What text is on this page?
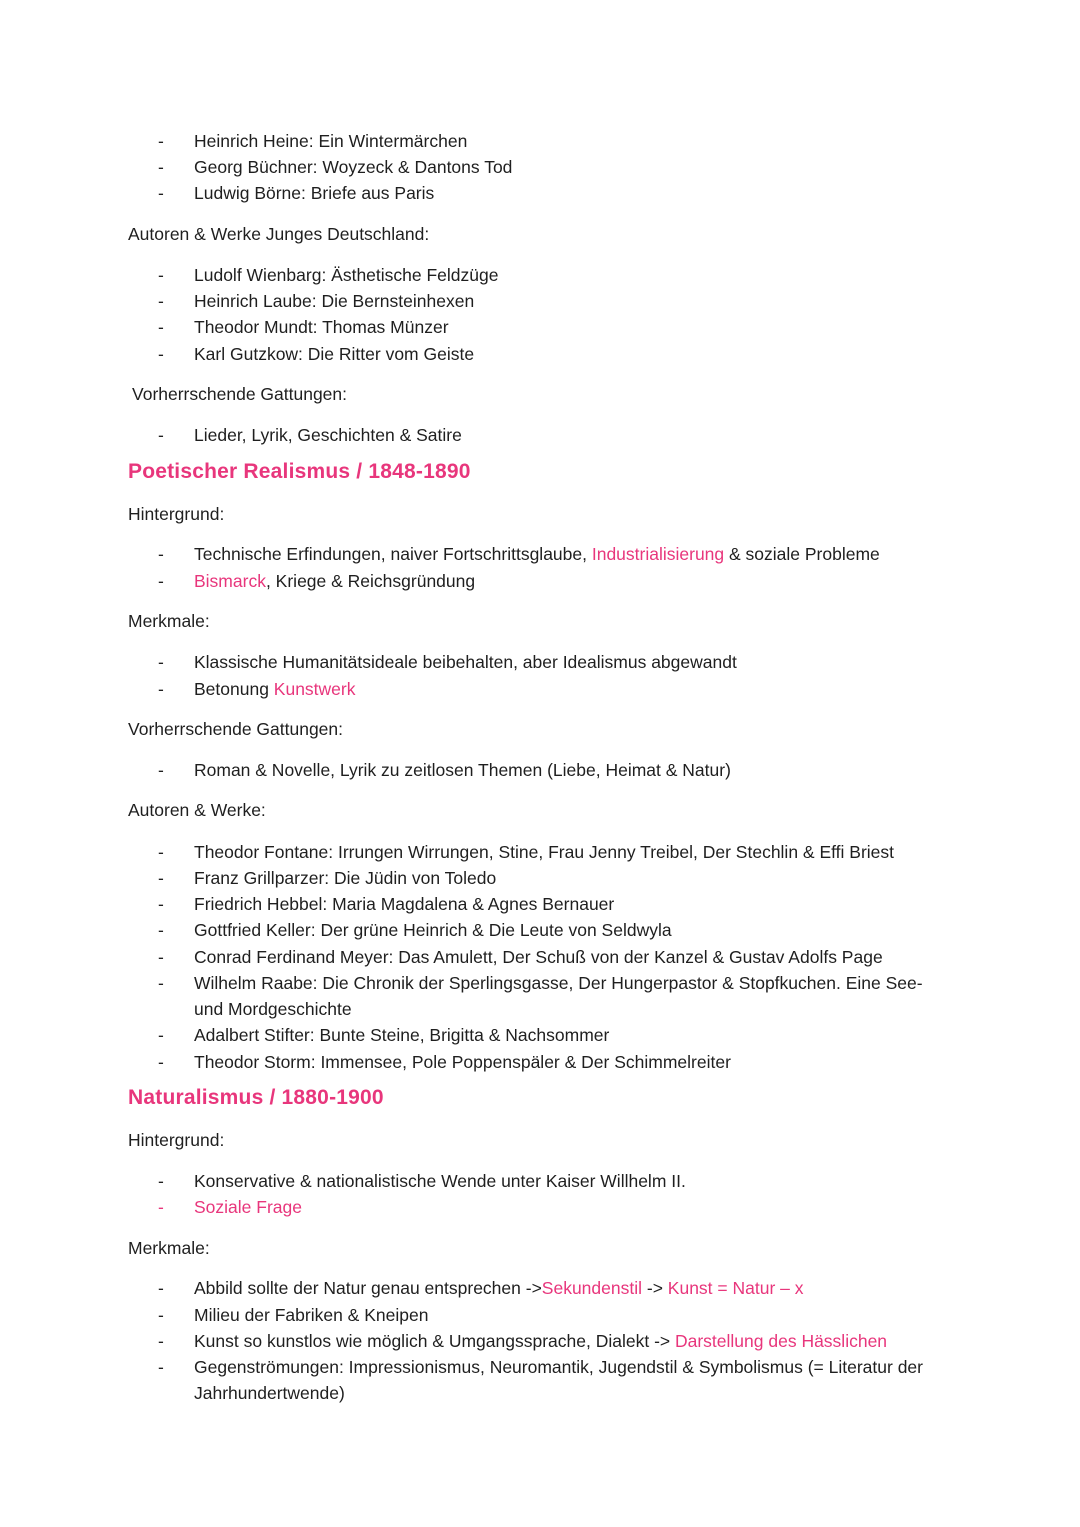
- Heinrich Heine: Ein Wintermärchen
- Georg Büchner: Woyzeck & Dantons Tod
- Ludwig Börne: Briefe aus Paris
Autoren & Werke Junges Deutschland:
- Ludolf Wienbarg: Ästhetische Feldzüge
- Heinrich Laube: Die Bernsteinhexen
- Theodor Mundt: Thomas Münzer
- Karl Gutzkow: Die Ritter vom Geiste
Vorherrschende Gattungen:
- Lieder, Lyrik, Geschichten & Satire
Poetischer Realismus / 1848-1890
Hintergrund:
- Technische Erfindungen, naiver Fortschrittsglaube, Industrialisierung & soziale Probleme
- Bismarck, Kriege & Reichsgründung
Merkmale:
- Klassische Humanitätsideale beibehalten, aber Idealismus abgewandt
- Betonung Kunstwerk
Vorherrschende Gattungen:
- Roman & Novelle, Lyrik zu zeitlosen Themen (Liebe, Heimat & Natur)
Autoren & Werke:
- Theodor Fontane: Irrungen Wirrungen, Stine, Frau Jenny Treibel, Der Stechlin & Effi Briest
- Franz Grillparzer: Die Jüdin von Toledo
- Friedrich Hebbel: Maria Magdalena & Agnes Bernauer
- Gottfried Keller: Der grüne Heinrich & Die Leute von Seldwyla
- Conrad Ferdinand Meyer: Das Amulett, Der Schuß von der Kanzel & Gustav Adolfs Page
- Wilhelm Raabe: Die Chronik der Sperlingsgasse, Der Hungerpastor & Stopfkuchen. Eine See-
und Mordgeschichte
- Adalbert Stifter: Bunte Steine, Brigitta & Nachsommer
- Theodor Storm: Immensee, Pole Poppenspäler & Der Schimmelreiter
Naturalismus / 1880-1900
Hintergrund:
- Konservative & nationalistische Wende unter Kaiser Willhelm II.
- Soziale Frage
Merkmale:
- Abbild sollte der Natur genau entsprechen ->Sekundenstil -> Kunst = Natur – x
- Milieu der Fabriken & Kneipen
- Kunst so kunstlos wie möglich & Umgangssprache, Dialekt -> Darstellung des Hässlichen
- Gegenströmungen: Impressionismus, Neuromantik, Jugendstil & Symbolismus (= Literatur der
Jahrhundertwende)
